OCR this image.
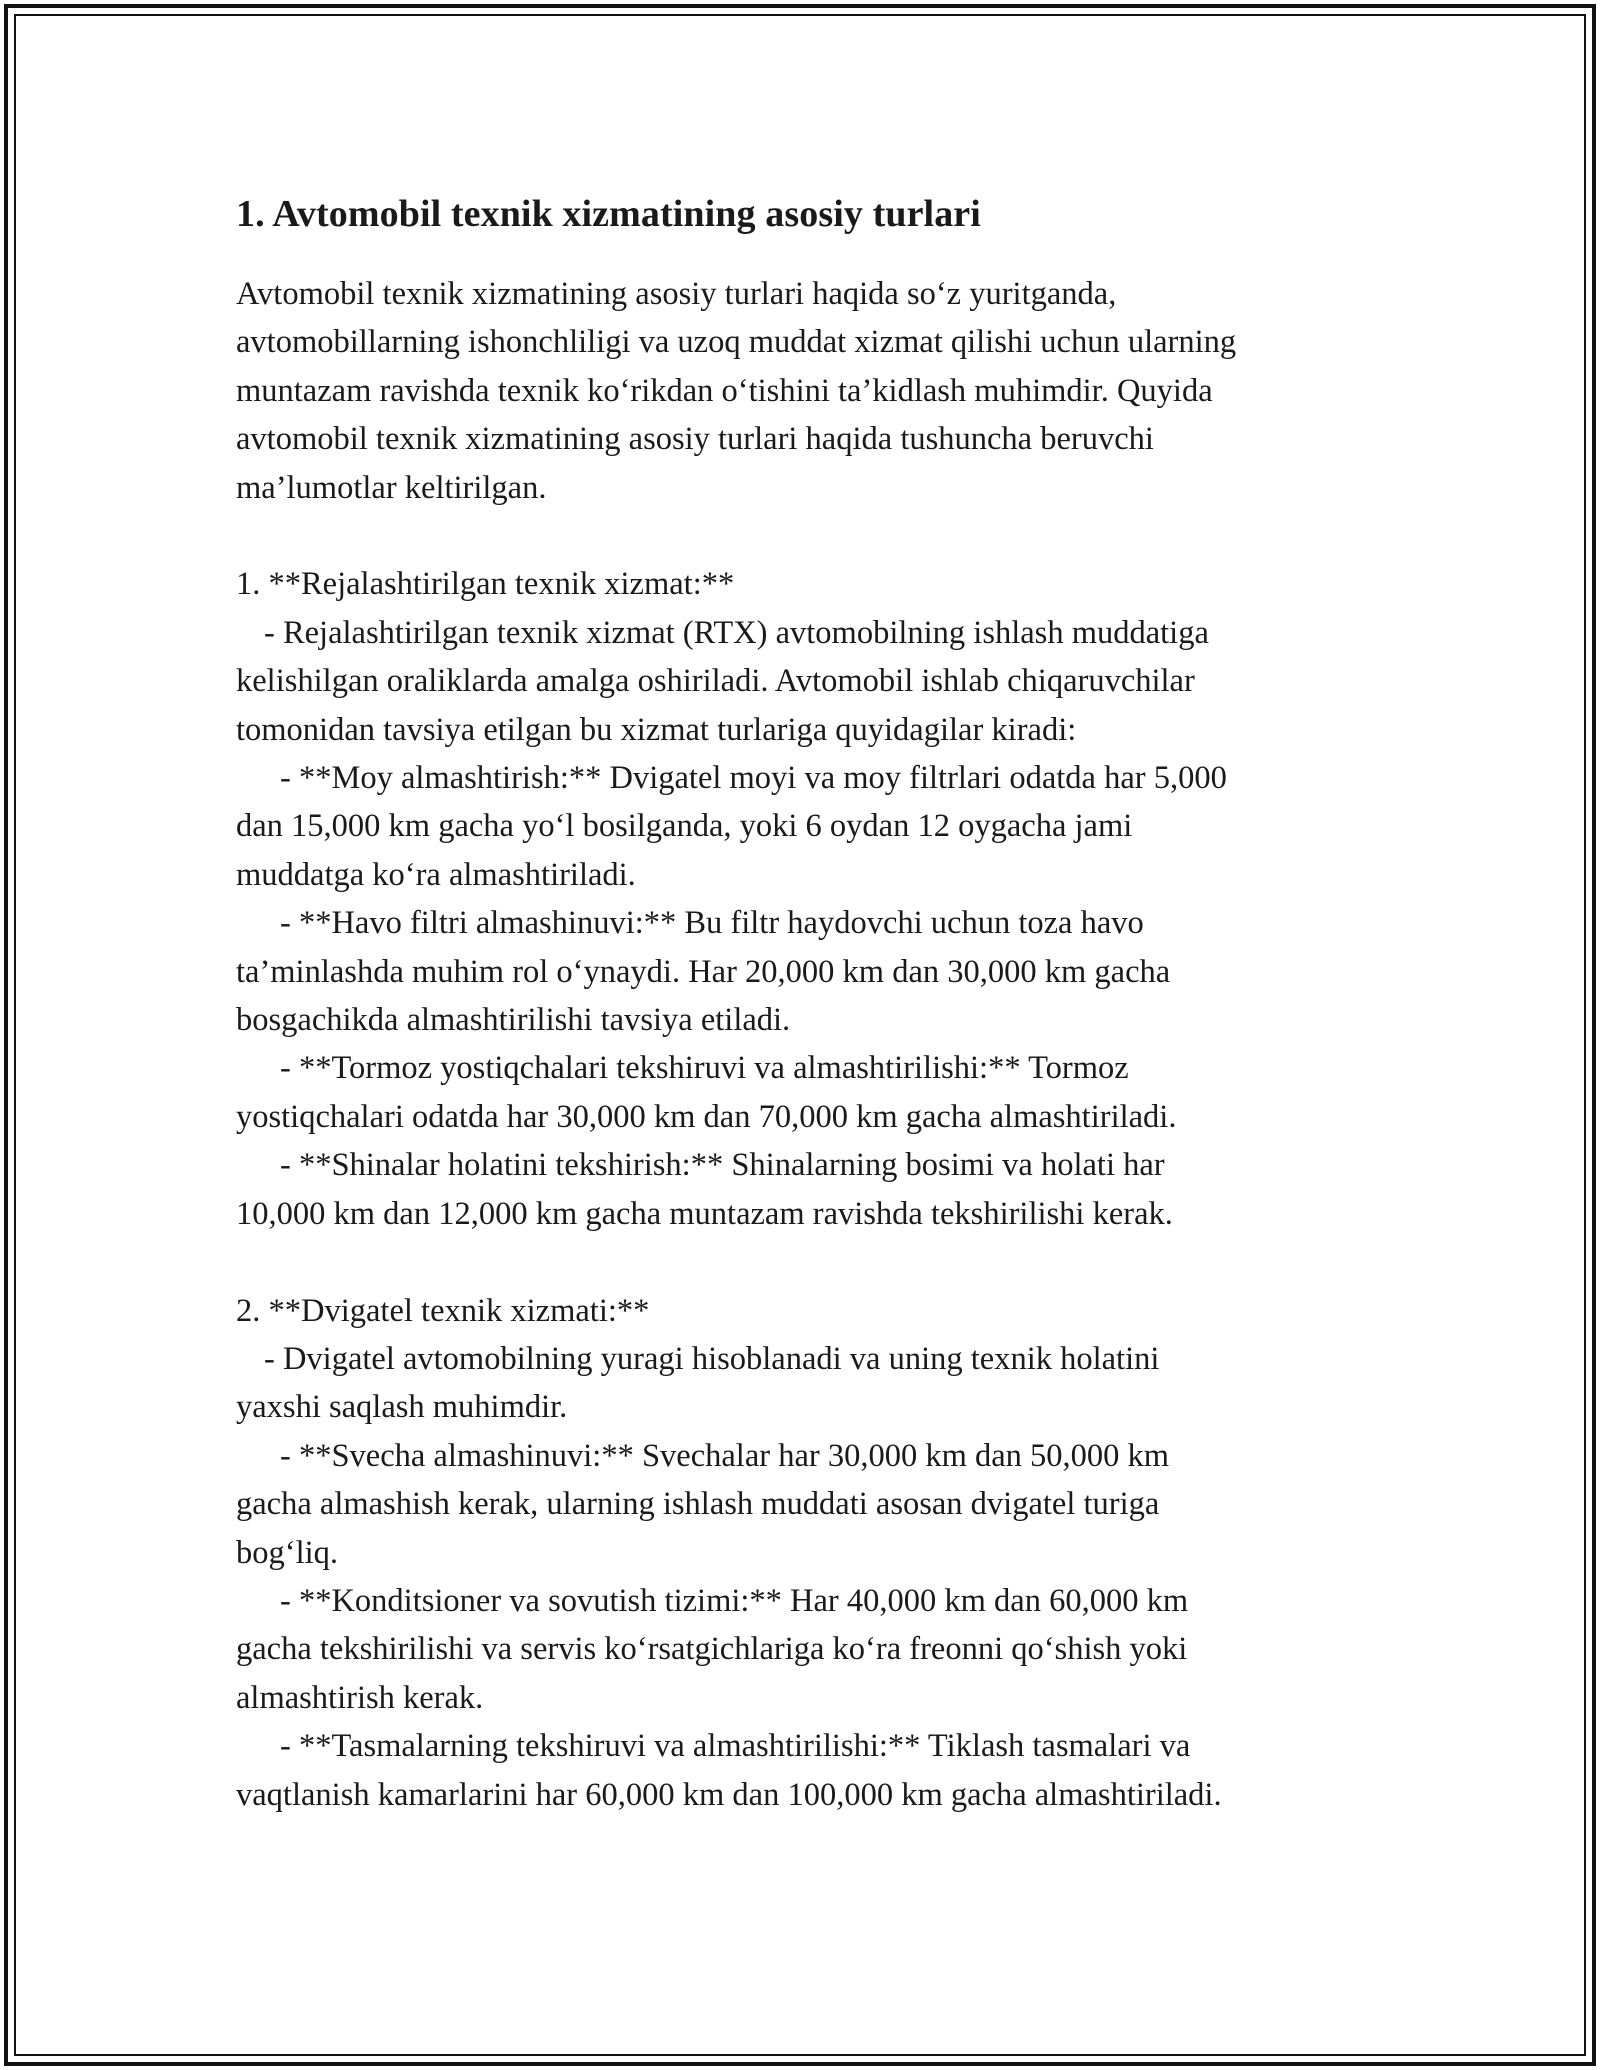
1. Avtomobil texnik xizmatining asosiy turlari
Avtomobil texnik xizmatining asosiy turlari haqida so‘z yuritganda,
avtomobillarning ishonchliligi va uzoq muddat xizmat qilishi uchun ularning
muntazam ravishda texnik ko‘rikdan o‘tishini ta’kidlash muhimdir. Quyida
avtomobil texnik xizmatining asosiy turlari haqida tushuncha beruvchi
ma’lumotlar keltirilgan.
1. **Rejalashtirilgan texnik xizmat:**
- Rejalashtirilgan texnik xizmat (RTX) avtomobilning ishlash muddatiga
kelishilgan oraliklarda amalga oshiriladi. Avtomobil ishlab chiqaruvchilar
tomonidan tavsiya etilgan bu xizmat turlariga quyidagilar kiradi:
- **Moy almashtirish:** Dvigatel moyi va moy filtrlari odatda har 5,000
dan 15,000 km gacha yo‘l bosilganda, yoki 6 oydan 12 oygacha jami
muddatga ko‘ra almashtiriladi.
- **Havo filtri almashinuvi:** Bu filtr haydovchi uchun toza havo
ta’minlashda muhim rol o‘ynaydi. Har 20,000 km dan 30,000 km gacha
bosgachikda almashtirilishi tavsiya etiladi.
- **Tormoz yostiqchalari tekshiruvi va almashtirilishi:** Tormoz
yostiqchalari odatda har 30,000 km dan 70,000 km gacha almashtiriladi.
- **Shinalar holatini tekshirish:** Shinalarning bosimi va holati har
10,000 km dan 12,000 km gacha muntazam ravishda tekshirilishi kerak.
2. **Dvigatel texnik xizmati:**
- Dvigatel avtomobilning yuragi hisoblanadi va uning texnik holatini
yaxshi saqlash muhimdir.
- **Svecha almashinuvi:** Svechalar har 30,000 km dan 50,000 km
gacha almashish kerak, ularning ishlash muddati asosan dvigatel turiga
bog‘liq.
- **Konditsioner va sovutish tizimi:** Har 40,000 km dan 60,000 km
gacha tekshirilishi va servis ko‘rsatgichlariga ko‘ra freonni qo‘shish yoki
almashtirish kerak.
- **Tasmalarning tekshiruvi va almashtirilishi:** Tiklash tasmalari va
vaqtlanish kamarlarini har 60,000 km dan 100,000 km gacha almashtiriladi.
